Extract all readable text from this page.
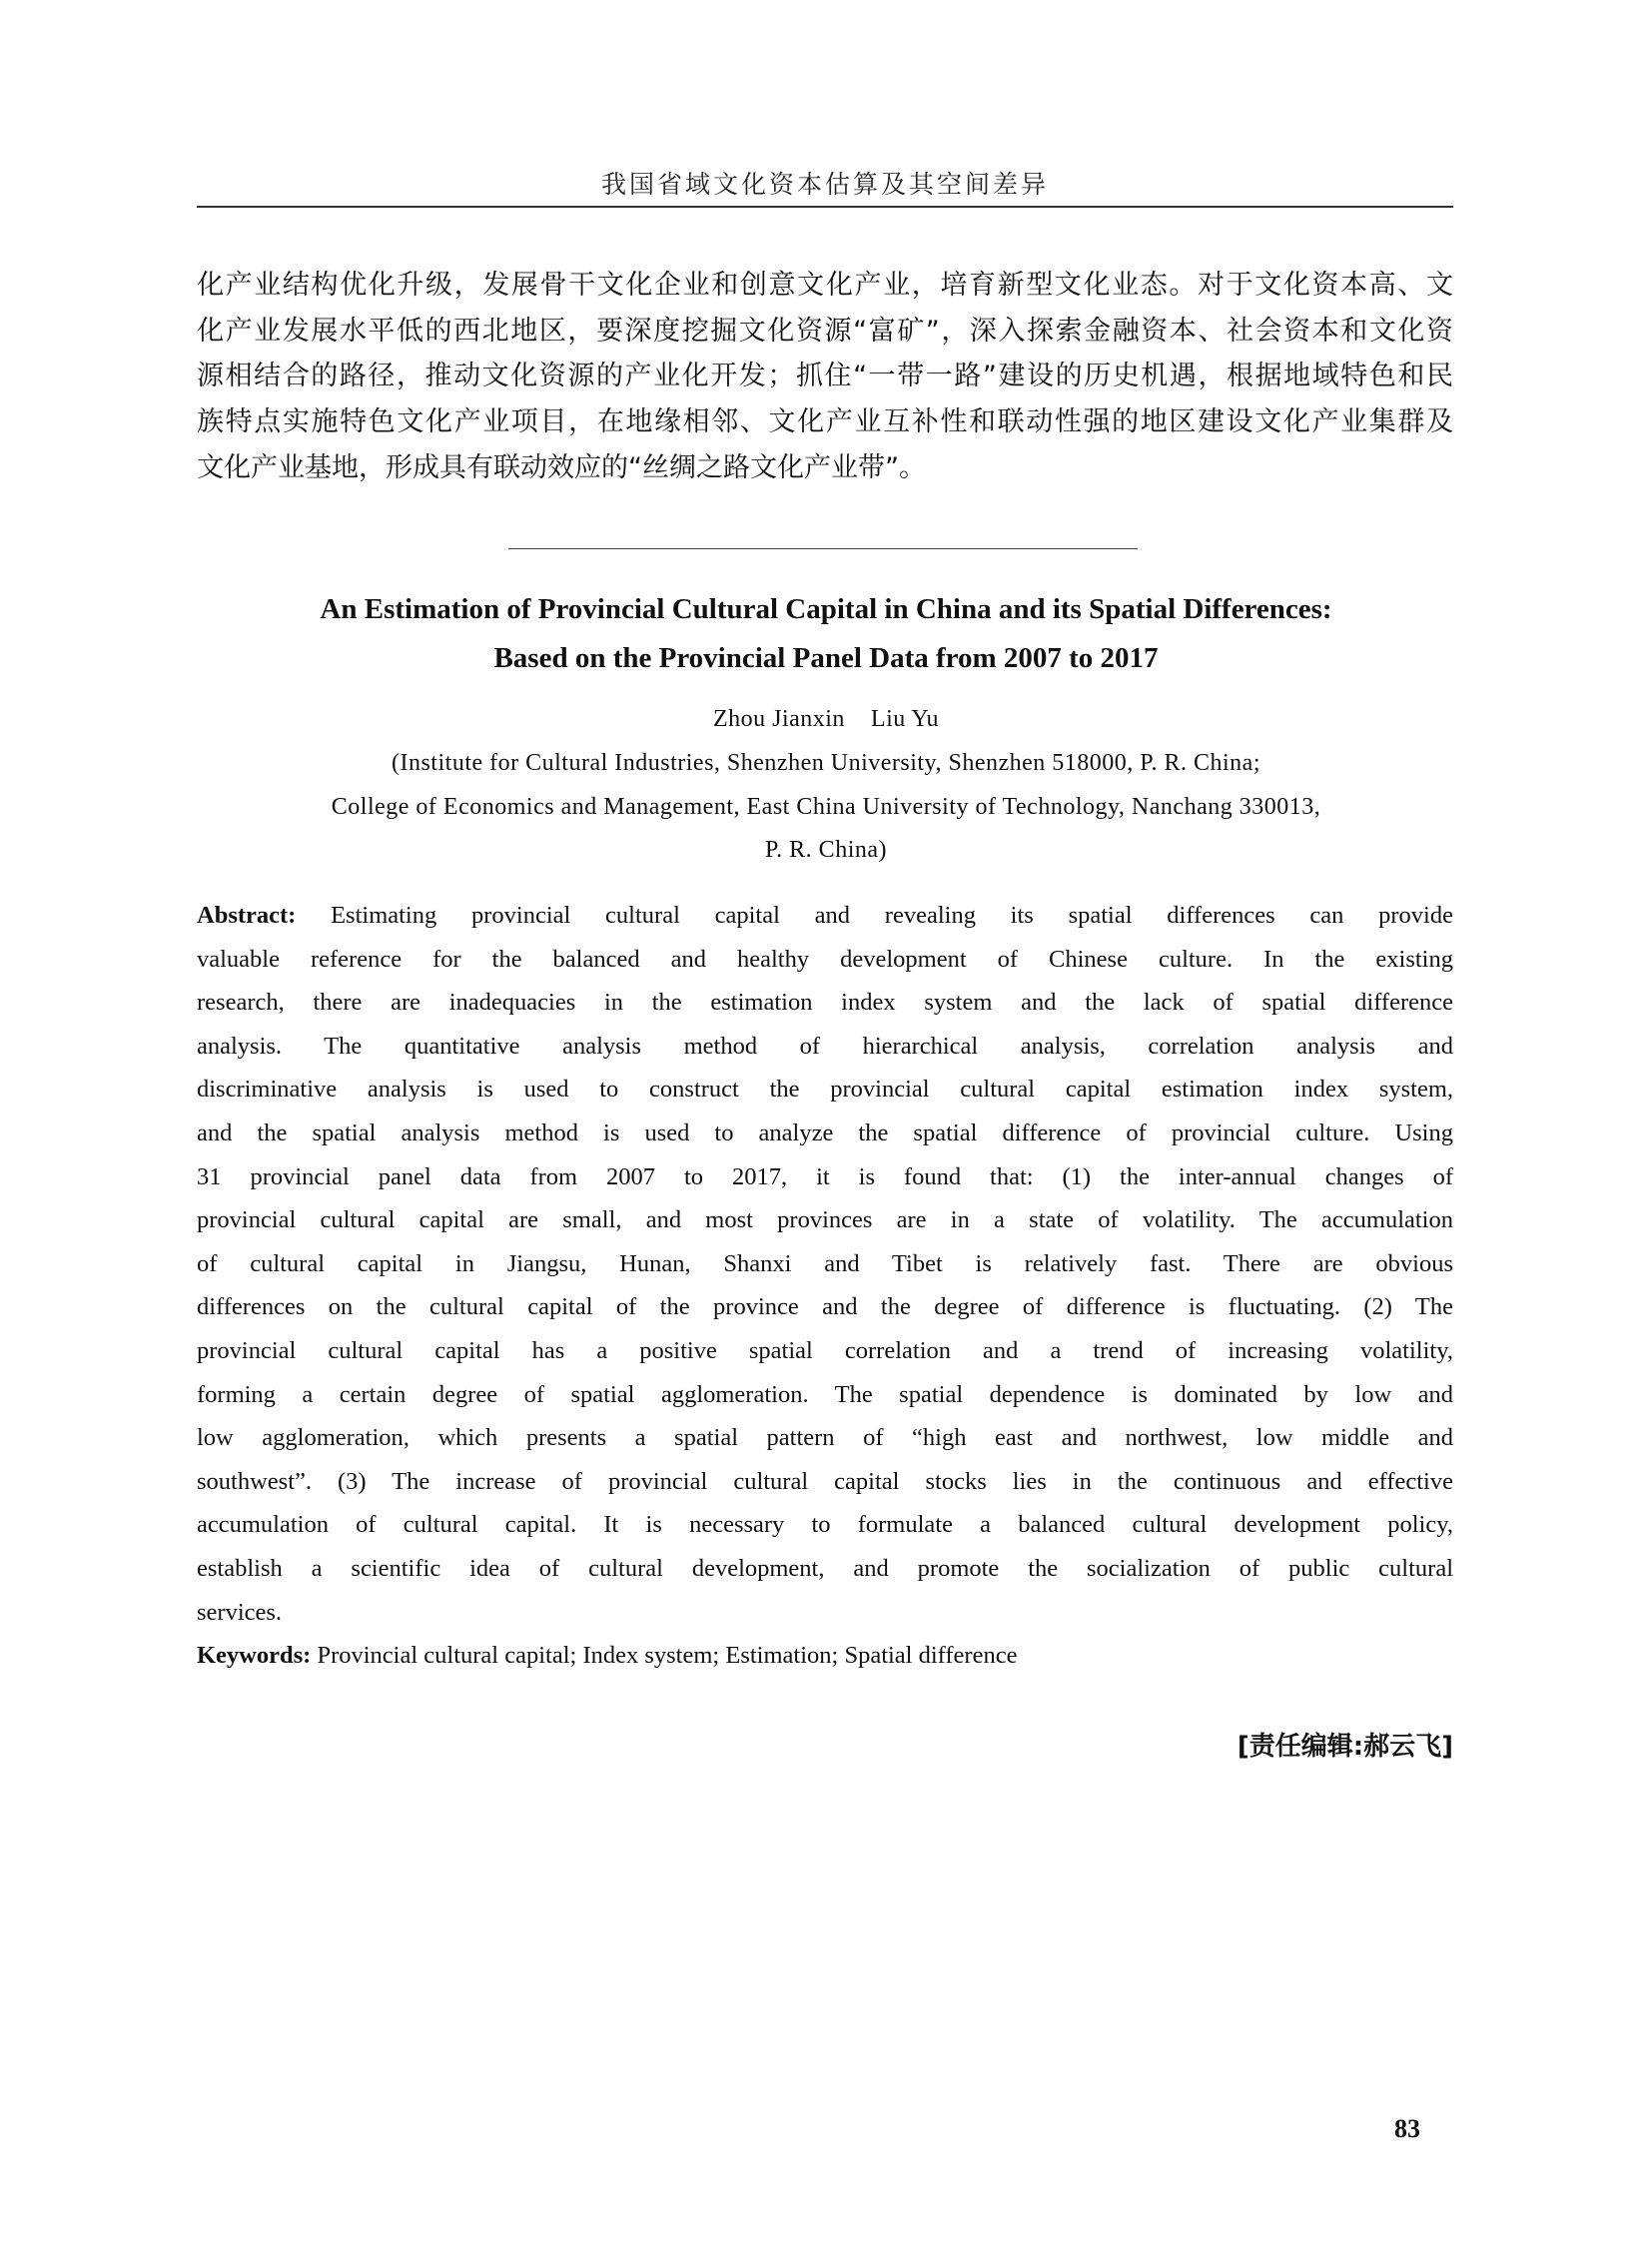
我国省域文化资本估算及其空间差异
化产业结构优化升级，发展骨干文化企业和创意文化产业，培育新型文化业态。对于文化资本高、文
化产业发展水平低的西北地区，要深度挖掘文化资源“富矿”，深入探索金融资本、社会资本和文化资
源相结合的路径，推动文化资源的产业化开发；抓住“一带一路”建设的历史机遇，根据地域特色和民
族特点实施特色文化产业项目，在地缘相邻、文化产业互补性和联动性强的地区建设文化产业集群及
文化产业基地，形成具有联动效应的“丝绸之路文化产业带”。
An Estimation of Provincial Cultural Capital in China and its Spatial Differences:
Based on the Provincial Panel Data from 2007 to 2017
Zhou Jianxin    Liu Yu
(Institute for Cultural Industries, Shenzhen University, Shenzhen 518000, P. R. China;
College of Economics and Management, East China University of Technology, Nanchang 330013,
P. R. China)
Abstract: Estimating provincial cultural capital and revealing its spatial differences can provide
valuable reference for the balanced and healthy development of Chinese culture. In the existing
research, there are inadequacies in the estimation index system and the lack of spatial difference
analysis. The quantitative analysis method of hierarchical analysis, correlation analysis and
discriminative analysis is used to construct the provincial cultural capital estimation index system,
and the spatial analysis method is used to analyze the spatial difference of provincial culture. Using
31 provincial panel data from 2007 to 2017, it is found that: (1) the inter-annual changes of
provincial cultural capital are small, and most provinces are in a state of volatility. The accumulation
of cultural capital in Jiangsu, Hunan, Shanxi and Tibet is relatively fast. There are obvious
differences on the cultural capital of the province and the degree of difference is fluctuating. (2) The
provincial cultural capital has a positive spatial correlation and a trend of increasing volatility,
forming a certain degree of spatial agglomeration. The spatial dependence is dominated by low and
low agglomeration, which presents a spatial pattern of “high east and northwest, low middle and
southwest”. (3) The increase of provincial cultural capital stocks lies in the continuous and effective
accumulation of cultural capital. It is necessary to formulate a balanced cultural development policy,
establish a scientific idea of cultural development, and promote the socialization of public cultural
services.
Keywords: Provincial cultural capital; Index system; Estimation; Spatial difference
[责任编辑:郝云飞]
83
